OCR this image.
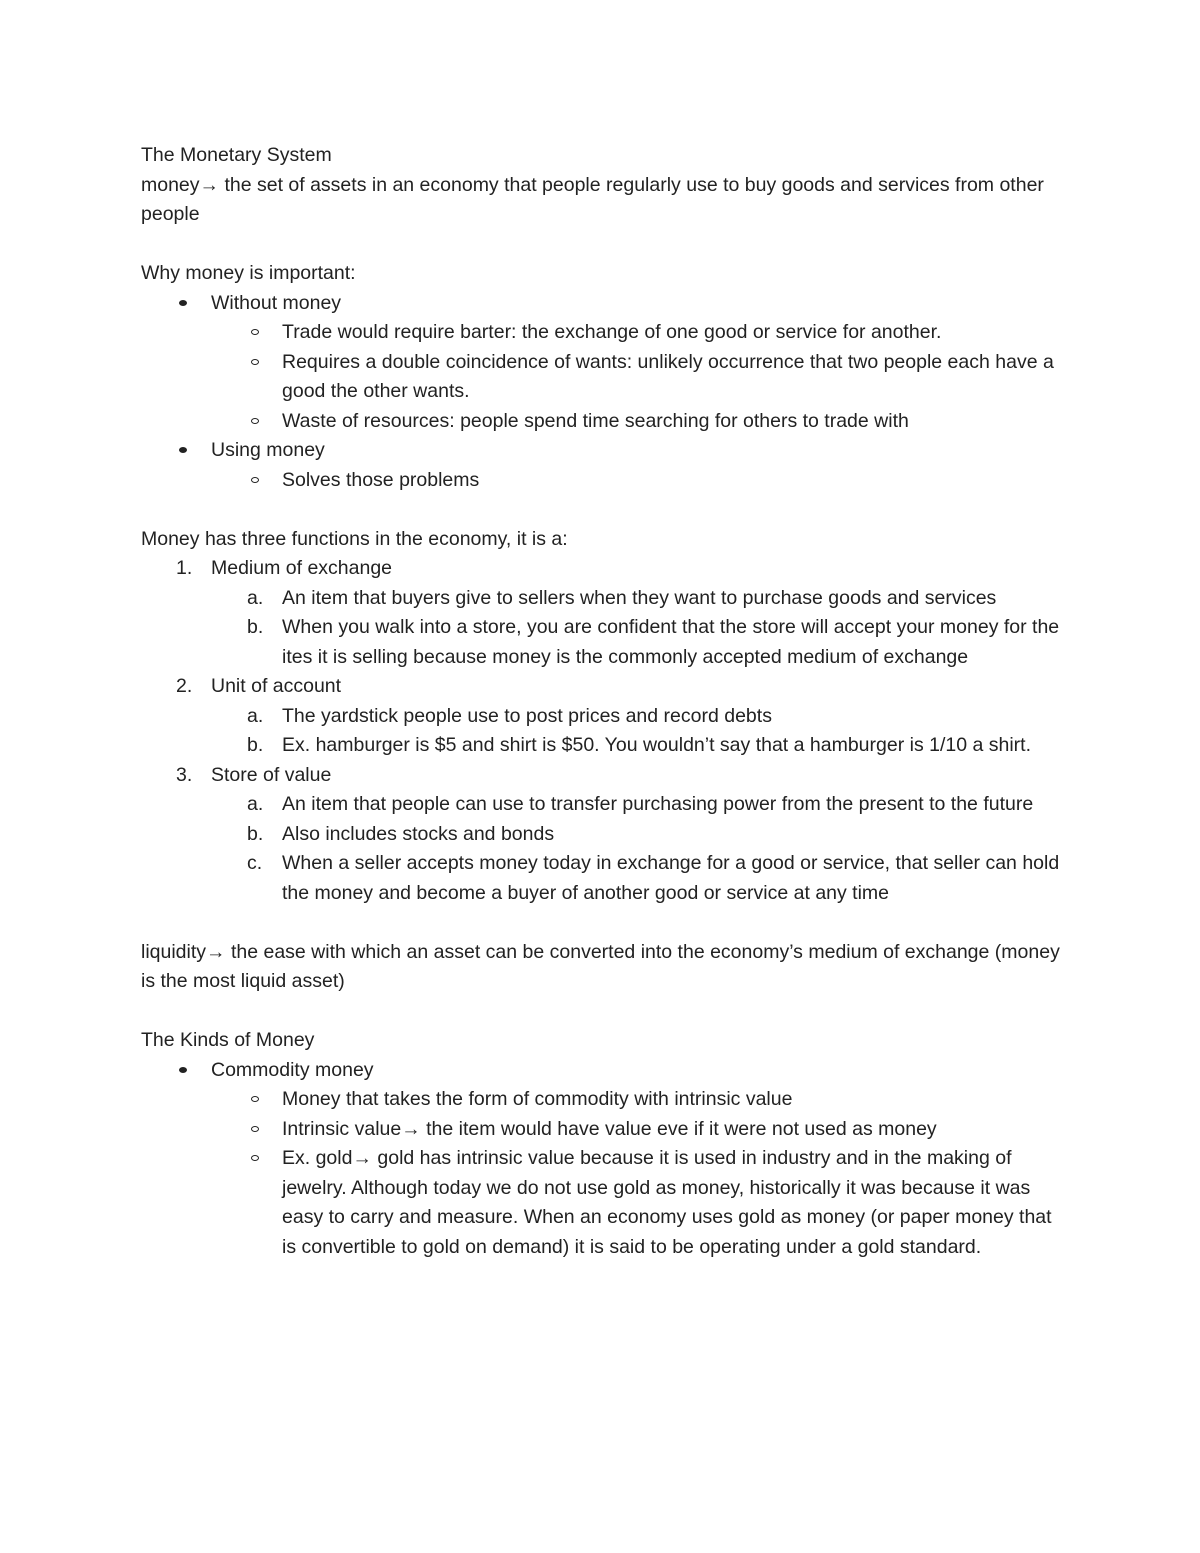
The Monetary System

money→ the set of assets in an economy that people regularly use to buy goods and services from other people

Why money is important:

Without money
Trade would require barter: the exchange of one good or service for another.
Requires a double coincidence of wants: unlikely occurrence that two people each have a good the other wants.
Waste of resources: people spend time searching for others to trade with
Using money
Solves those problems

Money has three functions in the economy, it is a:

1. Medium of exchange
a. An item that buyers give to sellers when they want to purchase goods and services
b. When you walk into a store, you are confident that the store will accept your money for the ites it is selling because money is the commonly accepted medium of exchange
2. Unit of account
a. The yardstick people use to post prices and record debts
b. Ex. hamburger is $5 and shirt is $50. You wouldn’t say that a hamburger is 1/10 a shirt.
3. Store of value
a. An item that people can use to transfer purchasing power from the present to the future
b. Also includes stocks and bonds
c. When a seller accepts money today in exchange for a good or service, that seller can hold the money and become a buyer of another good or service at any time

liquidity→ the ease with which an asset can be converted into the economy’s medium of exchange (money is the most liquid asset)

The Kinds of Money

Commodity money
Money that takes the form of commodity with intrinsic value
Intrinsic value→ the item would have value eve if it were not used as money
Ex. gold→ gold has intrinsic value because it is used in industry and in the making of jewelry. Although today we do not use gold as money, historically it was because it was easy to carry and measure. When an economy uses gold as money (or paper money that is convertible to gold on demand) it is said to be operating under a gold standard.
